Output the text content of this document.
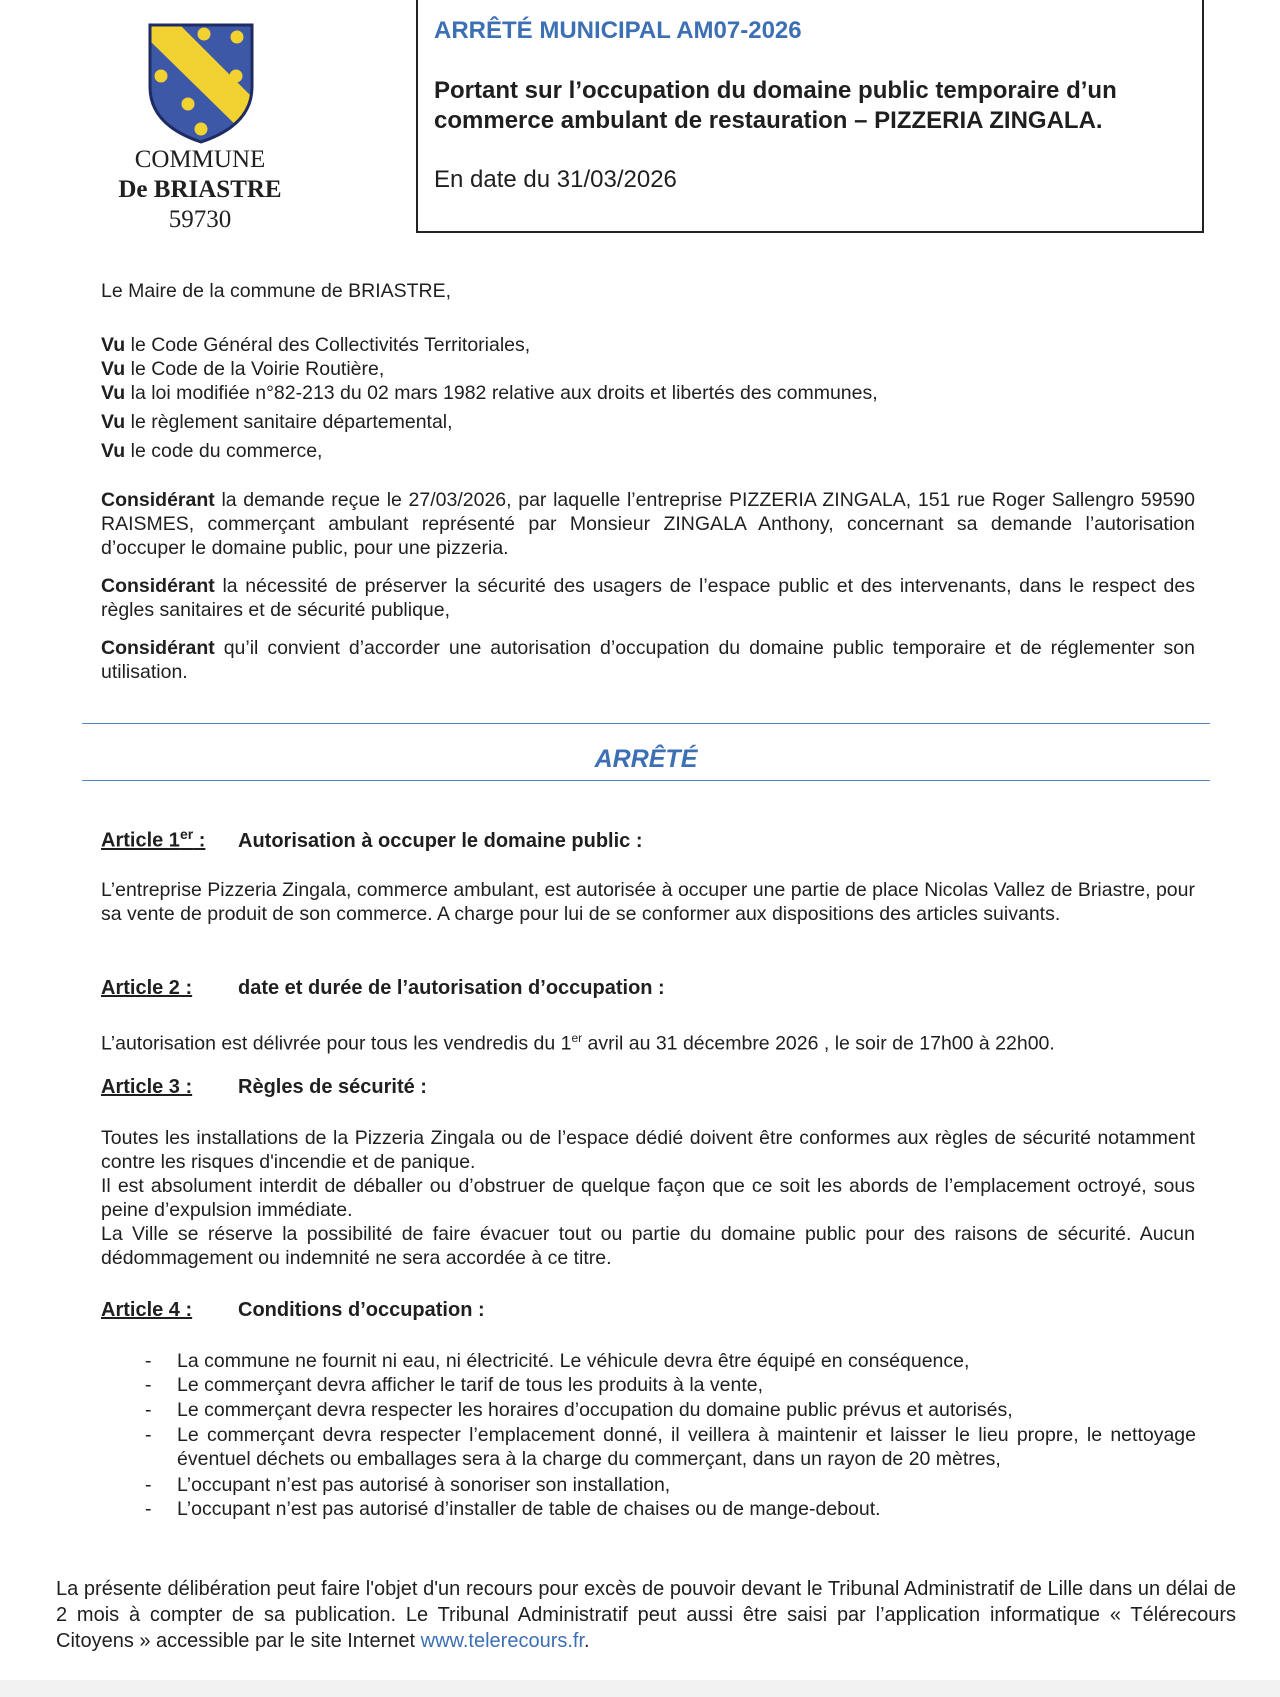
COMMUNE
De BRIASTRE
59730
ARRÊTÉ MUNICIPAL AM07-2026
Portant sur l’occupation du domaine public temporaire d’un
commerce ambulant de restauration – PIZZERIA ZINGALA.
En date du 31/03/2026
Le Maire de la commune de BRIASTRE,
Vu le Code Général des Collectivités Territoriales,
Vu le Code de la Voirie Routière,
Vu la loi modifiée n°82-213 du 02 mars 1982 relative aux droits et libertés des communes,
Vu le règlement sanitaire départemental,
Vu le code du commerce,
Considérant la demande reçue le 27/03/2026, par laquelle l’entreprise PIZZERIA ZINGALA, 151 rue Roger Sallengro 59590 RAISMES, commerçant ambulant représenté par Monsieur ZINGALA Anthony, concernant sa demande l’autorisation d’occuper le domaine public, pour une pizzeria.
Considérant la nécessité de préserver la sécurité des usagers de l’espace public et des intervenants, dans le respect des règles sanitaires et de sécurité publique,
Considérant qu’il convient d’accorder une autorisation d’occupation du domaine public temporaire et de réglementer son utilisation.
ARRÊTÉ
Article 1er : Autorisation à occuper le domaine public :
L’entreprise Pizzeria Zingala, commerce ambulant, est autorisée à occuper une partie de place Nicolas Vallez de Briastre, pour sa vente de produit de son commerce. A charge pour lui de se conformer aux dispositions des articles suivants.
Article 2 : date et durée de l’autorisation d’occupation :
L’autorisation est délivrée pour tous les vendredis du 1er avril au 31 décembre 2026 , le soir de 17h00 à 22h00.
Article 3 : Règles de sécurité :
Toutes les installations de la Pizzeria Zingala ou de l’espace dédié doivent être conformes aux règles de sécurité notamment contre les risques d'incendie et de panique.
Il est absolument interdit de déballer ou d’obstruer de quelque façon que ce soit les abords de l’emplacement octroyé, sous peine d’expulsion immédiate.
La Ville se réserve la possibilité de faire évacuer tout ou partie du domaine public pour des raisons de sécurité. Aucun dédommagement ou indemnité ne sera accordée à ce titre.
Article 4 : Conditions d’occupation :
- La commune ne fournit ni eau, ni électricité. Le véhicule devra être équipé en conséquence,
- Le commerçant devra afficher le tarif de tous les produits à la vente,
- Le commerçant devra respecter les horaires d’occupation du domaine public prévus et autorisés,
- Le commerçant devra respecter l’emplacement donné, il veillera à maintenir et laisser le lieu propre, le nettoyage éventuel déchets ou emballages sera à la charge du commerçant, dans un rayon de 20 mètres,
- L’occupant n’est pas autorisé à sonoriser son installation,
- L’occupant n’est pas autorisé d’installer de table de chaises ou de mange-debout.
La présente délibération peut faire l'objet d'un recours pour excès de pouvoir devant le Tribunal Administratif de Lille dans un délai de 2 mois à compter de sa publication. Le Tribunal Administratif peut aussi être saisi par l’application informatique « Télérecours Citoyens » accessible par le site Internet www.telerecours.fr.
